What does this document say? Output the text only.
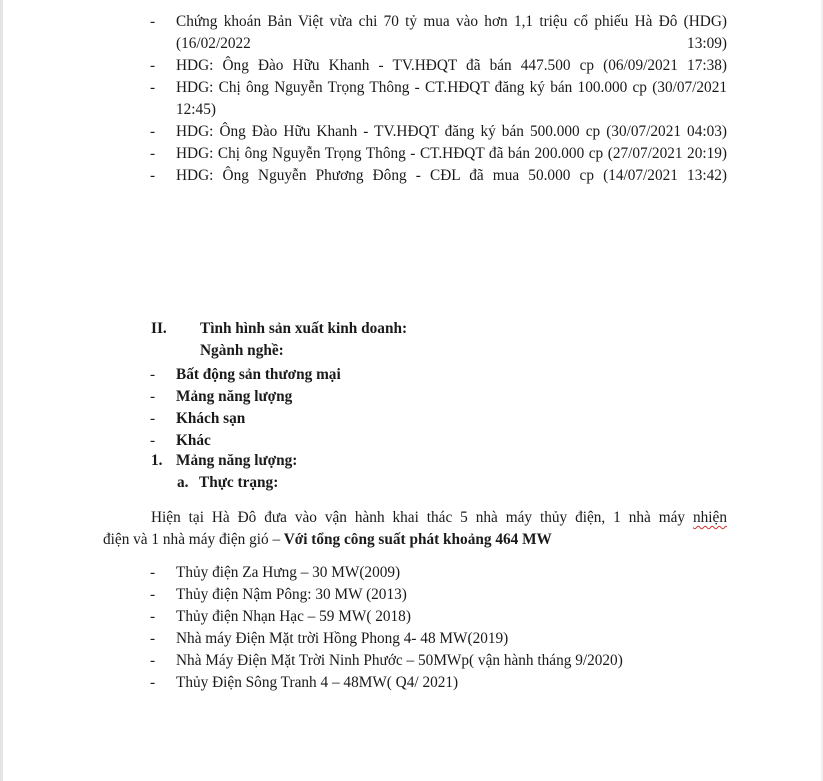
- Chứng khoán Bản Việt vừa chi 70 tỷ mua vào hơn 1,1 triệu cổ phiếu Hà Đô (HDG) (16/02/2022 13:09)
- HDG: Ông Đào Hữu Khanh - TV.HĐQT đã bán 447.500 cp (06/09/2021 17:38)
- HDG: Chị ông Nguyễn Trọng Thông - CT.HĐQT đăng ký bán 100.000 cp (30/07/2021 12:45)
- HDG: Ông Đào Hữu Khanh - TV.HĐQT đăng ký bán 500.000 cp (30/07/2021 04:03)
- HDG: Chị ông Nguyễn Trọng Thông - CT.HĐQT đã bán 200.000 cp (27/07/2021 20:19)
- HDG: Ông Nguyễn Phương Đông - CĐL đã mua 50.000 cp (14/07/2021 13:42)
II. Tình hình sản xuất kinh doanh:
Ngành nghề:
- Bất động sản thương mại
- Mảng năng lượng
- Khách sạn
- Khác
1. Mảng năng lượng:
a. Thực trạng:
Hiện tại Hà Đô đưa vào vận hành khai thác 5 nhà máy thủy điện, 1 nhà máy nhiện
điện và 1 nhà máy điện gió – Với tổng công suất phát khoảng 464 MW
- Thủy điện Za Hưng – 30 MW(2009)
- Thủy điện Nậm Pông: 30 MW (2013)
- Thủy điện Nhạn Hạc – 59 MW( 2018)
- Nhà máy Điện Mặt trời Hồng Phong 4- 48 MW(2019)
- Nhà Máy Điện Mặt Trời Ninh Phước – 50MWp( vận hành tháng 9/2020)
- Thủy Điện Sông Tranh 4 – 48MW( Q4/ 2021)
